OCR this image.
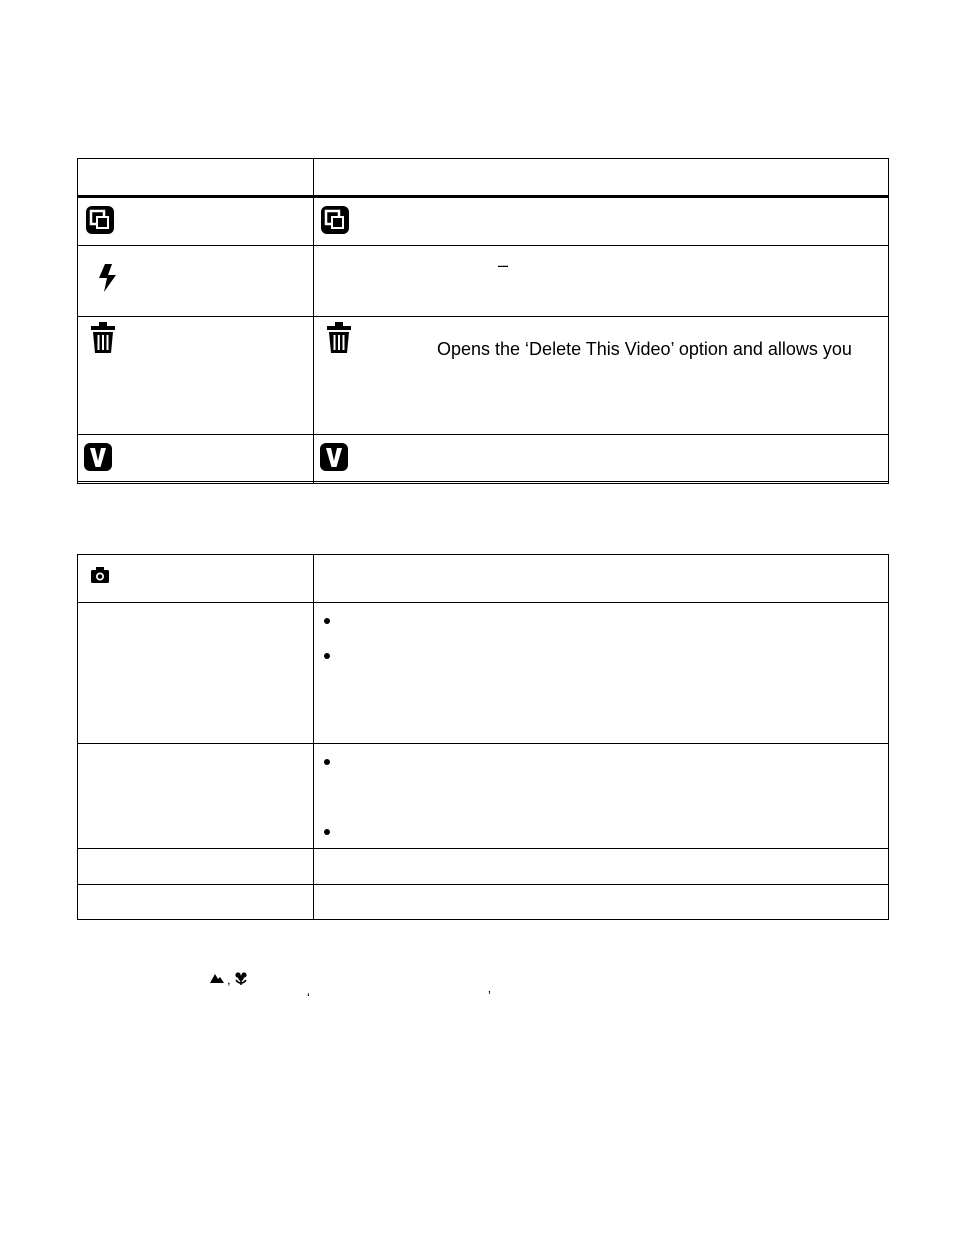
–
Opens the ‘Delete This Video’ option and allows you
,
‘	’
